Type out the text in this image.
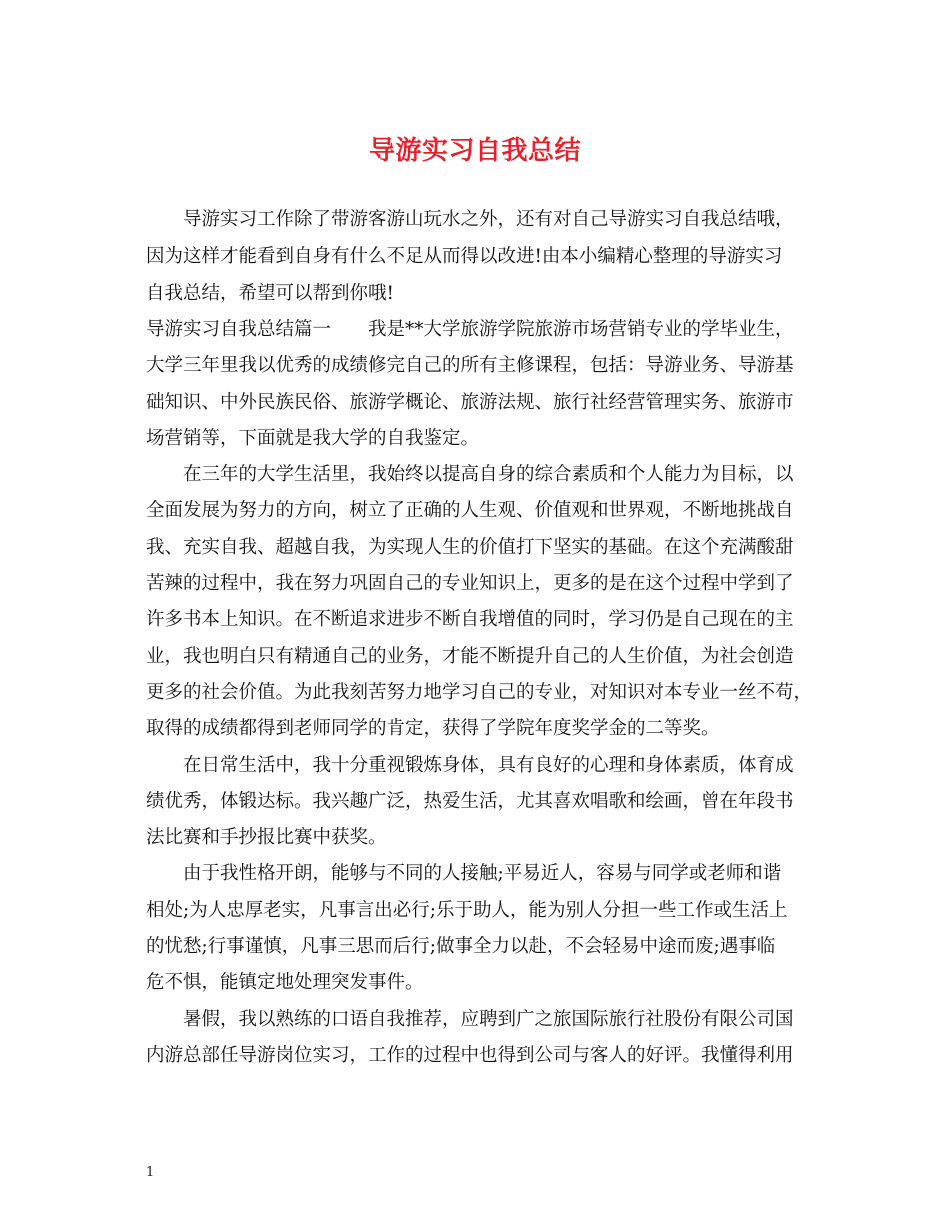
导游实习自我总结
导游实习工作除了带游客游山玩水之外，还有对自己导游实习自我总结哦，
因为这样才能看到自身有什么不足从而得以改进!由本小编精心整理的导游实习
自我总结，希望可以帮到你哦!
导游实习自我总结篇一　　我是**大学旅游学院旅游市场营销专业的学毕业生，
大学三年里我以优秀的成绩修完自己的所有主修课程，包括：导游业务、导游基
础知识、中外民族民俗、旅游学概论、旅游法规、旅行社经营管理实务、旅游市
场营销等，下面就是我大学的自我鉴定。
在三年的大学生活里，我始终以提高自身的综合素质和个人能力为目标，以
全面发展为努力的方向，树立了正确的人生观、价值观和世界观，不断地挑战自
我、充实自我、超越自我，为实现人生的价值打下坚实的基础。在这个充满酸甜
苦辣的过程中，我在努力巩固自己的专业知识上，更多的是在这个过程中学到了
许多书本上知识。在不断追求进步不断自我增值的同时，学习仍是自己现在的主
业，我也明白只有精通自己的业务，才能不断提升自己的人生价值，为社会创造
更多的社会价值。为此我刻苦努力地学习自己的专业，对知识对本专业一丝不苟，
取得的成绩都得到老师同学的肯定，获得了学院年度奖学金的二等奖。
在日常生活中，我十分重视锻炼身体，具有良好的心理和身体素质，体育成
绩优秀，体锻达标。我兴趣广泛，热爱生活，尤其喜欢唱歌和绘画，曾在年段书
法比赛和手抄报比赛中获奖。
由于我性格开朗，能够与不同的人接触;平易近人，容易与同学或老师和谐
相处;为人忠厚老实，凡事言出必行;乐于助人，能为别人分担一些工作或生活上
的忧愁;行事谨慎，凡事三思而后行;做事全力以赴，不会轻易中途而废;遇事临
危不惧，能镇定地处理突发事件。
暑假，我以熟练的口语自我推荐，应聘到广之旅国际旅行社股份有限公司国
内游总部任导游岗位实习，工作的过程中也得到公司与客人的好评。我懂得利用
1
